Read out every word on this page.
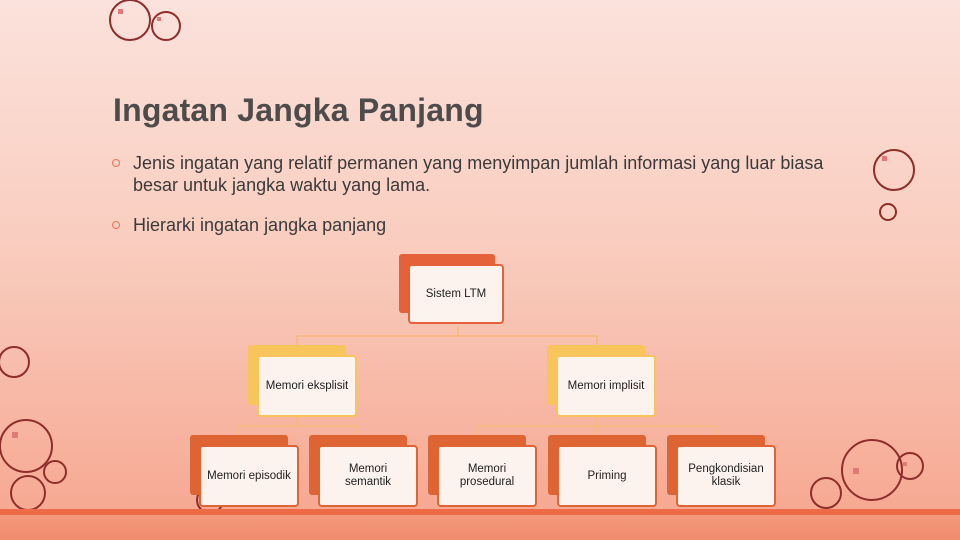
Ingatan Jangka Panjang
Jenis ingatan yang relatif permanen yang menyimpan jumlah informasi yang luar biasa besar untuk jangka waktu yang lama.
Hierarki ingatan jangka panjang
Sistem LTM
Memori eksplisit	Memori implisit
Memori episodik
Memori semantik
Memori prosedural
Priming
Pengkondisian klasik
